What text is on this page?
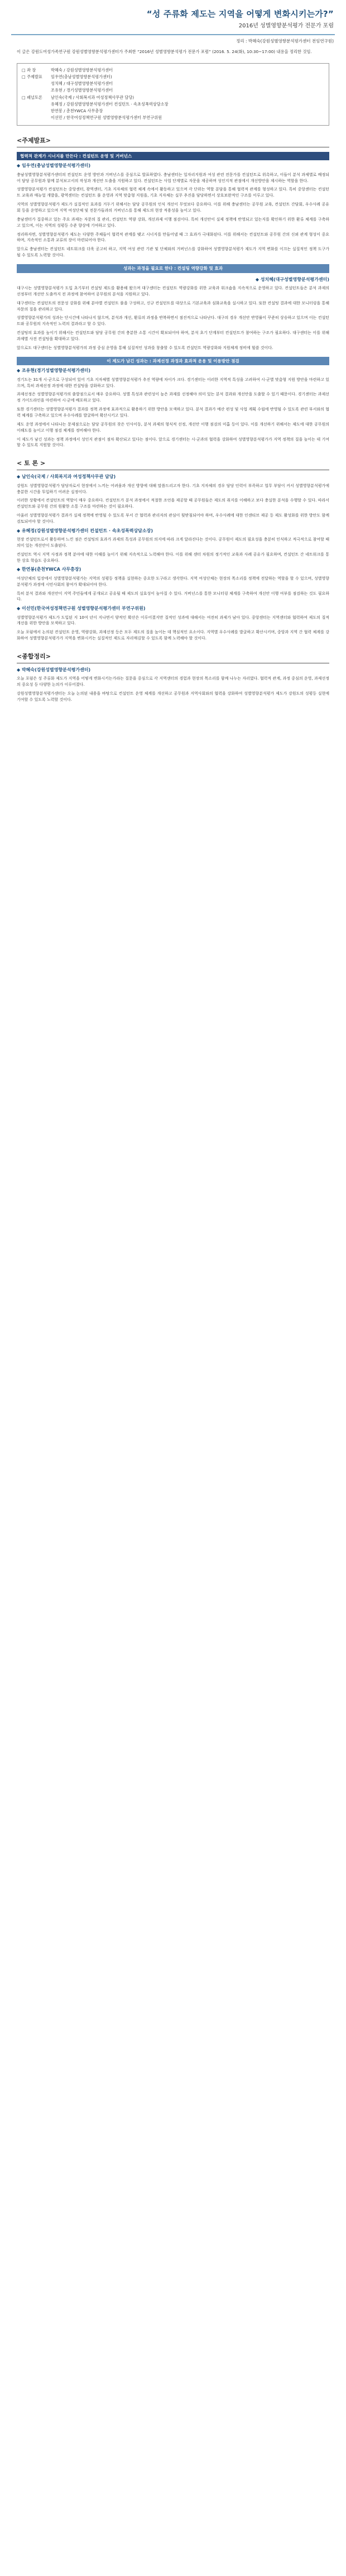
“성 주류화 제도는 지역을 어떻게 변화시키는가?”
2016년 성별영향분석평가 전문가 포럼
정리 : 박혜숙(강원성별영향분석평가센터 전임연구원)
이 글은 강원도여성가족연구원 강원성별영향분석평가센터가 주최한 “2016년 성별영향분석평가 전문가 포럼” (2016. 5. 24(화), 10:30~17:00) 내용을 정리한 것임.
□ 좌 장	박혜숙 / 강원성별영향분석평가센터
□ 주제발표	임우연(충남성별영향분석평가센터)
성치혜 / 대구성별영향분석평가센터
조유현 / 경기성별영향분석평가센터
□ 패널토론	남인숙(국제 / 사회복지과 여성정책사무관 담당)
유혜정 / 강원성별영향분석평가센터 컨설턴트 · 속초성폭력상담소장
한연봉 / 춘천YWCA 사무총장
이선민 / 한국여성정책연구원 성별영향분석평가센터 부연구위원
<주제발표>
협력적 관계가 시너지를 만든다 : 컨설턴트 운영 및 거버넌스
◆ 임우연(충남성별영향분석평가센터)

충남성별영향분석평가센터의 컨설턴트 운영 방안과 거버넌스를 중심으로 발표하였다. 충남센터는 일자리지원과 여성 관련 전문가를 컨설턴트로 위촉하고, 이들이 분석 과제별로 배정되어 담당 공무원과 함께 분석보고서의 작성과 개선안 도출을 지원하고 있다. 컨설턴트는 사업 단계별로 자문을 제공하며 성인지적 관점에서 개선방안을 제시하는 역할을 한다.

성별영향분석평가 컨설턴트는 중앙센터, 광역센터, 기초 지자체의 협력 체계 속에서 활동하고 있으며 각 단위는 역할 분담을 통해 협력적 관계를 형성하고 있다. 특히 중앙센터는 컨설턴트 교육과 매뉴얼 개발을, 광역센터는 컨설턴트 풀 운영과 지역 맞춤형 지원을, 기초 지자체는 실무 추진을 담당하면서 상호보완적인 구조를 이루고 있다.

지역의 성별영향분석평가 제도가 실질적인 효과를 거두기 위해서는 담당 공무원의 인식 개선이 무엇보다 중요하다. 이를 위해 충남센터는 공무원 교육, 컨설턴트 간담회, 우수사례 공유회 등을 운영하고 있으며 지역 여성단체 및 전문가들과의 거버넌스를 통해 제도의 현장 적용성을 높이고 있다.

충남센터가 집중하고 있는 주요 과제는 자문의 질 관리, 컨설턴트 역량 강화, 개선과제 이행 점검이다. 특히 개선안이 실제 정책에 반영되고 있는지를 확인하기 위한 환류 체계를 구축하고 있으며, 이는 지역의 성평등 수준 향상에 기여하고 있다.

정리하자면, 성별영향분석평가 제도는 다양한 주체들이 협력적 관계를 맺고 시너지를 만들어낼 때 그 효과가 극대화된다. 이를 위해서는 컨설턴트와 공무원 간의 신뢰 관계 형성이 중요하며, 지속적인 소통과 교류의 장이 마련되어야 한다.

앞으로 충남센터는 컨설턴트 네트워크를 더욱 공고히 하고, 지역 여성 관련 기관 및 단체와의 거버넌스를 강화하여 성별영향분석평가 제도가 지역 변화를 이끄는 실질적인 정책 도구가 될 수 있도록 노력할 것이다.

성과는 과정을 필요로 한다 : 컨설팅 역량강화 및 효과
◆ 성치혜(대구성별영향분석평가센터)

대구시는 성별영향분석평가 도입 초기부터 컨설팅 제도를 활용해 왔으며 대구센터는 컨설턴트 역량강화를 위한 교육과 워크숍을 지속적으로 운영하고 있다. 컨설턴트들은 분석 과제의 선정부터 개선안 도출까지 전 과정에 참여하여 공무원의 분석을 지원하고 있다.

대구센터는 컨설턴트의 전문성 강화를 위해 분야별 컨설턴트 풀을 구성하고, 신규 컨설턴트를 대상으로 기본교육과 심화교육을 실시하고 있다. 또한 컨설팅 결과에 대한 모니터링을 통해 자문의 질을 관리하고 있다.

성별영향분석평가의 성과는 단시간에 나타나지 않으며, 분석과 개선, 환류의 과정을 반복하면서 점진적으로 나타난다. 대구의 경우 개선안 반영률이 꾸준히 상승하고 있으며 이는 컨설턴트와 공무원의 지속적인 노력의 결과라고 할 수 있다.

컨설팅의 효과를 높이기 위해서는 컨설턴트와 담당 공무원 간의 충분한 소통 시간이 확보되어야 하며, 분석 초기 단계부터 컨설턴트가 참여하는 구조가 필요하다. 대구센터는 이를 위해 과제별 사전 컨설팅을 확대하고 있다.

앞으로도 대구센터는 성별영향분석평가의 과정 중심 운영을 통해 실질적인 성과를 창출할 수 있도록 컨설턴트 역량강화와 지원체계 정비에 힘쓸 것이다.

이 제도가 남긴 성과는 : 과제선정 과정과 효과적 운용 및 이용방안 점검
◆ 조유현(경기성별영향분석평가센터)

경기도는 31개 시·군으로 구성되어 있어 기초 지자체별 성별영향분석평가 추진 역량에 차이가 크다. 경기센터는 이러한 지역적 특성을 고려하여 시·군별 맞춤형 지원 방안을 마련하고 있으며, 특히 과제선정 과정에 대한 컨설팅을 강화하고 있다.

과제선정은 성별영향분석평가의 출발점으로서 매우 중요하다. 성별 특성과 관련성이 높은 과제를 선정해야 의미 있는 분석 결과와 개선안을 도출할 수 있기 때문이다. 경기센터는 과제선정 가이드라인을 마련하여 시·군에 배포하고 있다.

또한 경기센터는 성별영향분석평가 결과를 정책 과정에 효과적으로 활용하기 위한 방안을 모색하고 있다. 분석 결과가 예산 편성 및 사업 계획 수립에 반영될 수 있도록 관련 부서와의 협력 체계를 구축하고 있으며 우수사례를 발굴하여 확산시키고 있다.

제도 운영 과정에서 나타나는 문제점으로는 담당 공무원의 잦은 인사이동, 분석 과제의 형식적 선정, 개선안 이행 점검의 미흡 등이 있다. 이를 개선하기 위해서는 제도에 대한 공무원의 이해도를 높이고 이행 점검 체계를 정비해야 한다.

이 제도가 남긴 성과는 정책 과정에서 성인지 관점이 점차 확산되고 있다는 점이다. 앞으로 경기센터는 시·군과의 협력을 강화하여 성별영향분석평가가 지역 정책의 질을 높이는 데 기여할 수 있도록 지원할 것이다.

< 토 론 >
◆ 남인숙(국제 / 사회복지과 여성정책사무관 담당)

강원도 성별영향분석평가 담당자로서 현장에서 느끼는 어려움과 개선 방향에 대해 말씀드리고자 한다. 기초 지자체의 경우 담당 인력이 부족하고 업무 부담이 커서 성별영향분석평가에 충분한 시간을 투입하기 어려운 실정이다.

이러한 상황에서 컨설턴트의 역할이 매우 중요하다. 컨설턴트가 분석 과정에서 적절한 조언을 제공할 때 공무원들은 제도의 취지를 이해하고 보다 충실한 분석을 수행할 수 있다. 따라서 컨설턴트와 공무원 간의 원활한 소통 구조를 마련하는 것이 필요하다.

아울러 성별영향분석평가 결과가 실제 정책에 반영될 수 있도록 부서 간 협력과 관리자의 관심이 뒷받침되어야 하며, 우수사례에 대한 인센티브 제공 등 제도 활성화를 위한 방안도 함께 검토되어야 할 것이다.

◆ 유혜정(강원성별영향분석평가센터 컨설턴트 · 속초성폭력상담소장)

현장 컨설턴트로서 활동하며 느낀 점은 컨설팅의 효과가 과제의 특성과 공무원의 의지에 따라 크게 달라진다는 것이다. 공무원이 제도의 필요성을 충분히 인식하고 적극적으로 참여할 때 의미 있는 개선안이 도출된다.

컨설턴트 역시 지역 사정과 정책 분야에 대한 이해를 높이기 위해 지속적으로 노력해야 한다. 이를 위해 센터 차원의 정기적인 교육과 사례 공유가 필요하며, 컨설턴트 간 네트워크를 통한 상호 학습도 중요하다.

◆ 한연봉(춘천YWCA 사무총장)

여성단체의 입장에서 성별영향분석평가는 지역의 성평등 정책을 실현하는 중요한 도구라고 생각한다. 지역 여성단체는 현장의 목소리를 정책에 전달하는 역할을 할 수 있으며, 성별영향분석평가 과정에 시민사회의 참여가 확대되어야 한다.

특히 분석 결과와 개선안이 지역 주민들에게 공개되고 공유될 때 제도의 실효성이 높아질 수 있다. 거버넌스를 통한 모니터링 체계를 구축하여 개선안 이행 여부를 점검하는 것도 필요하다.

◆ 이선민(한국여성정책연구원 성별영향분석평가센터 부연구위원)

성별영향분석평가 제도가 도입된 지 10여 년이 지나면서 양적인 확산은 이루어졌지만 질적인 성과에 대해서는 여전히 과제가 남아 있다. 중앙센터는 지역센터와 협력하여 제도의 질적 개선을 위한 방안을 모색하고 있다.

오늘 포럼에서 논의된 컨설턴트 운영, 역량강화, 과제선정 등은 모두 제도의 질을 높이는 데 핵심적인 요소이다. 지역별 우수사례를 발굴하고 확산시키며, 중앙과 지역 간 협력 체계를 강화하여 성별영향분석평가가 지역을 변화시키는 실질적인 제도로 자리매김할 수 있도록 함께 노력해야 할 것이다.

<종합정리>
◆ 박혜숙(강원성별영향분석평가센터)

오늘 포럼은 성 주류화 제도가 지역을 어떻게 변화시키는가라는 질문을 중심으로 각 지역센터의 경험과 현장의 목소리를 함께 나누는 자리였다. 협력적 관계, 과정 중심의 운영, 과제선정의 중요성 등 다양한 논의가 이루어졌다.

강원성별영향분석평가센터는 오늘 논의된 내용을 바탕으로 컨설턴트 운영 체계를 개선하고 공무원과 지역사회와의 협력을 강화하여 성별영향분석평가 제도가 강원도의 성평등 실현에 기여할 수 있도록 노력할 것이다.
